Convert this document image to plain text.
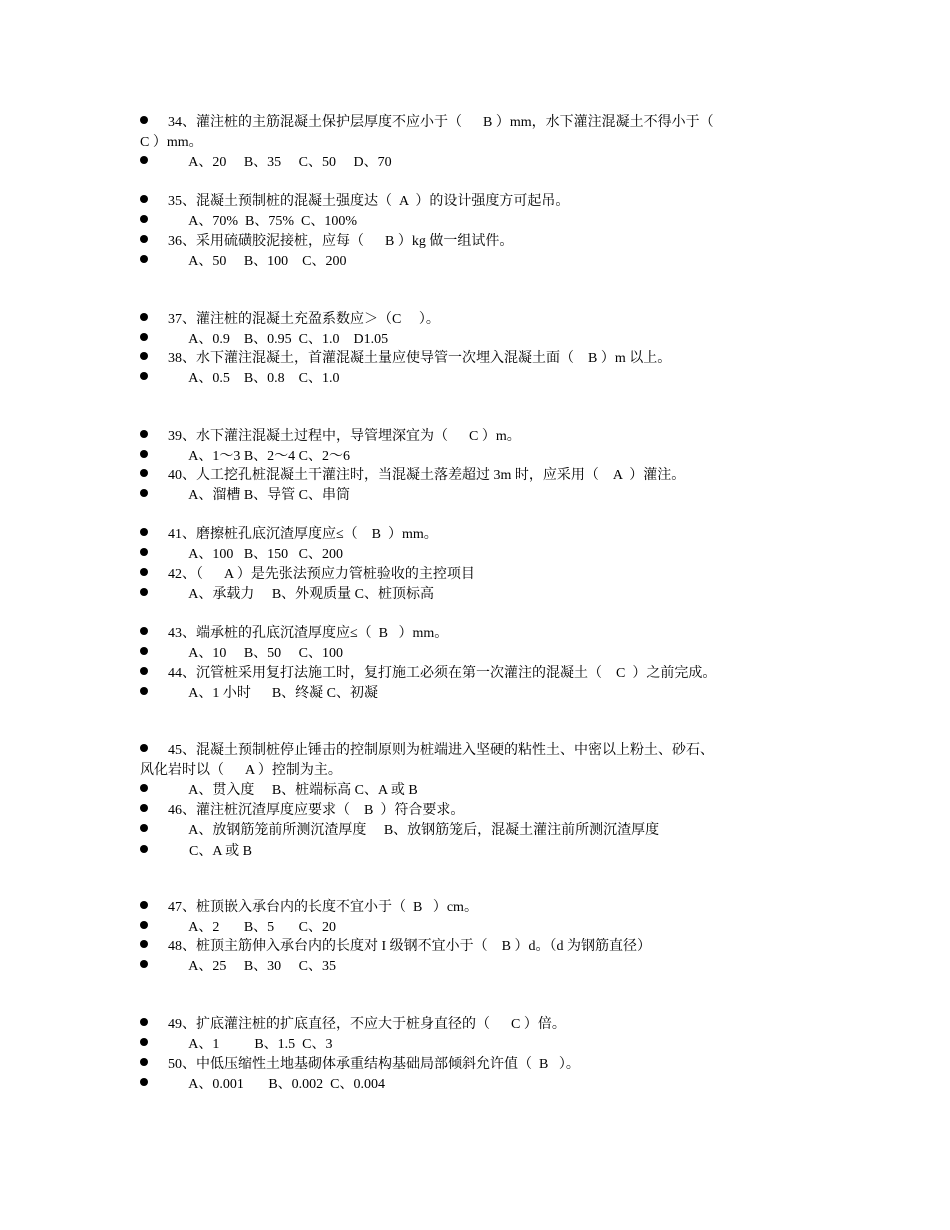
34、灌注桩的主筋混凝土保护层厚度不应小于（      B ）mm，水下灌注混凝土不得小于（
C ）mm。
A、20     B、35     C、50     D、70
35、混凝土预制桩的混凝土强度达（  A  ）的设计强度方可起吊。
A、70%  B、75%  C、100%
36、采用硫磺胶泥接桩，应每（      B ）kg 做一组试件。
A、50     B、100    C、200
37、灌注桩的混凝土充盈系数应＞（C     ）。
A、0.9    B、0.95  C、1.0    D1.05
38、水下灌注混凝土，首灌混凝土量应使导管一次埋入混凝土面（    B ）m 以上。
A、0.5    B、0.8    C、1.0
39、水下灌注混凝土过程中，导管埋深宜为（      C ）m。
A、1～3 B、2～4 C、2～6
40、人工挖孔桩混凝土干灌注时，当混凝土落差超过 3m 时，应采用（    A  ）灌注。
A、溜槽 B、导管 C、串筒
41、磨擦桩孔底沉渣厚度应≤（    B  ）mm。
A、100   B、150   C、200
42、（      A ）是先张法预应力管桩验收的主控项目
A、承载力     B、外观质量 C、桩顶标高
43、端承桩的孔底沉渣厚度应≤（  B   ）mm。
A、10     B、50     C、100
44、沉管桩采用复打法施工时，复打施工必须在第一次灌注的混凝土（    C  ）之前完成。
A、1 小时      B、终凝 C、初凝
45、混凝土预制桩停止锤击的控制原则为桩端进入坚硬的粘性土、中密以上粉土、砂石、
风化岩时以（      A ）控制为主。
A、贯入度     B、桩端标高 C、A 或 B
46、灌注桩沉渣厚度应要求（    B  ）符合要求。
A、放钢筋笼前所测沉渣厚度     B、放钢筋笼后，混凝土灌注前所测沉渣厚度
C、A 或 B
47、桩顶嵌入承台内的长度不宜小于（  B   ）cm。
A、2       B、5       C、20
48、桩顶主筋伸入承台内的长度对 I 级钢不宜小于（    B ）d。（d 为钢筋直径）
A、25     B、30     C、35
49、扩底灌注桩的扩底直径，不应大于桩身直径的（      C ）倍。
A、1          B、1.5  C、3
50、中低压缩性土地基砌体承重结构基础局部倾斜允许值（  B   ）。
A、0.001       B、0.002  C、0.004
